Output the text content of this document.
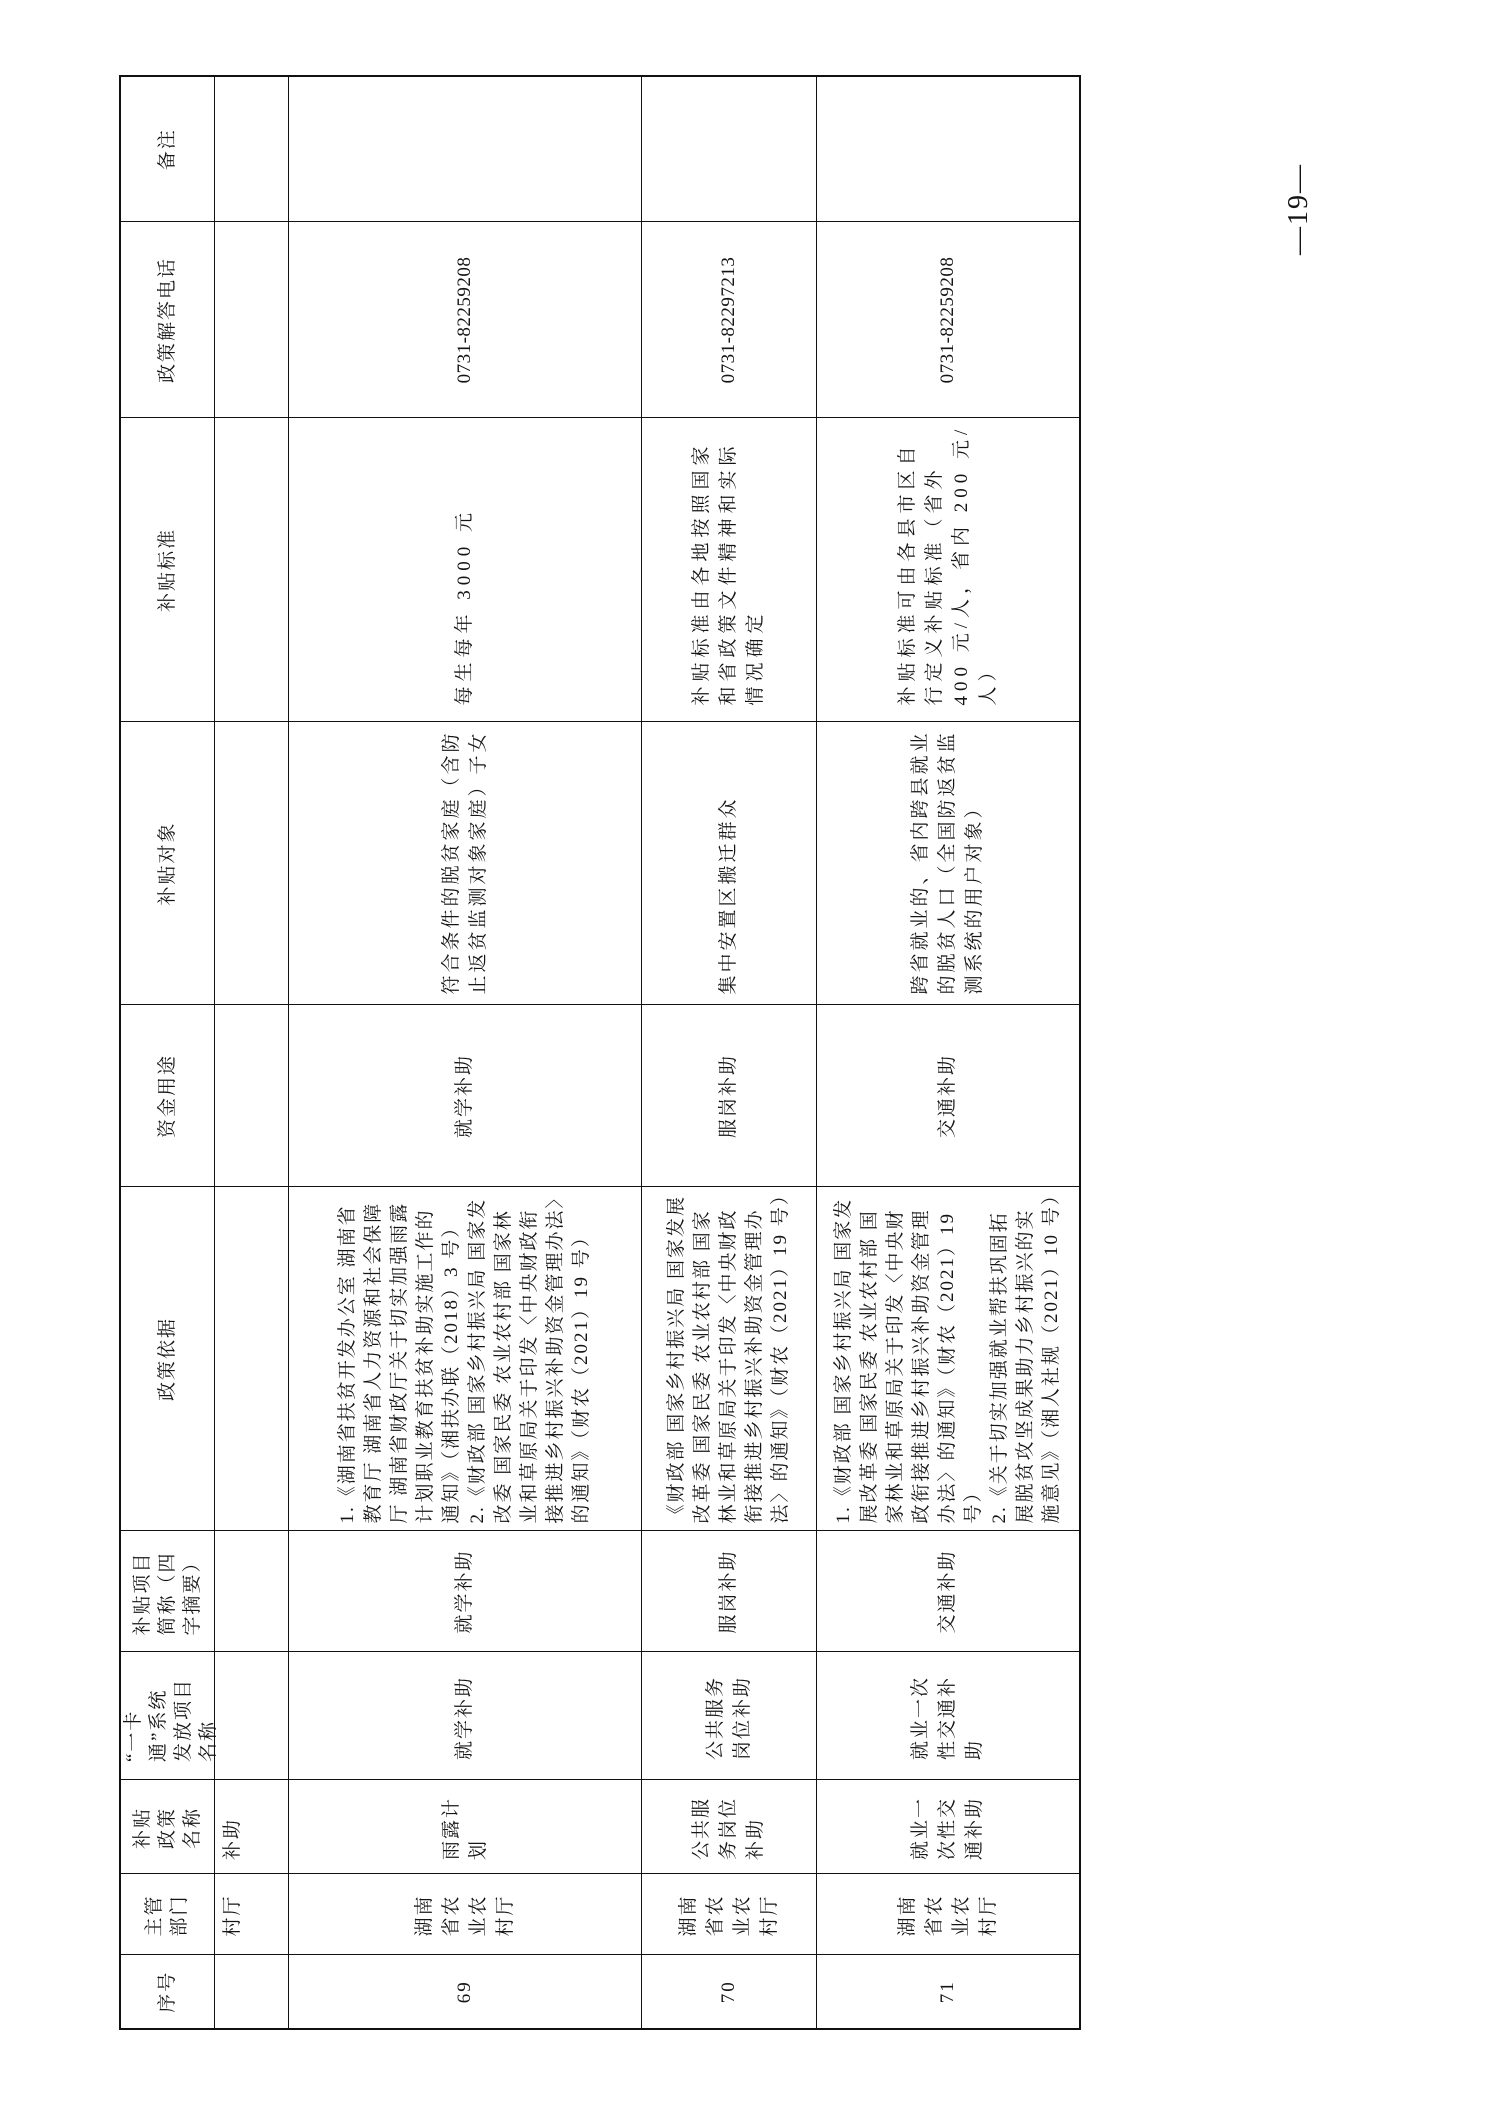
序号	主管部门	补贴政策名称	“一卡通”系统发放项目名称	补贴项目简称（四字摘要）	政策依据	资金用途	补贴对象	补贴标准	政策解答电话	备注

	村厅	补助								

69	湖南省农业农村厅	雨露计划	就学补助	就学补助	1.《湖南省扶贫开发办公室 湖南省教育厅 湖南省人力资源和社会保障厅 湖南省财政厅关于切实加强雨露计划职业教育扶贫补助实施工作的通知》（湘扶办联（2018）3 号） 2.《财政部 国家乡村振兴局 国家发改委 国家民委 农业农村部 国家林业和草原局关于印发〈中央财政衔接推进乡村振兴补助资金管理办法〉的通知》（财农（2021）19 号）	就学补助	符合条件的脱贫家庭（含防止返贫监测对象家庭）子女	每生每年 3000 元	0731-82259208	

70	湖南省农业农村厅	公共服务岗位补助	公共服务岗位补助	服岗补助	《财政部 国家乡村振兴局 国家发展改革委 国家民委 农业农村部 国家林业和草原局关于印发〈中央财政衔接推进乡村振兴补助资金管理办法〉的通知》（财农（2021）19 号）	服岗补助	集中安置区搬迁群众	补贴标准由各地按照国家和省政策文件精神和实际情况确定	0731-82297213	

71	湖南省农业农村厅	就业一次性交通补助	就业一次性交通补助	交通补助	1.《财政部 国家乡村振兴局 国家发展改革委 国家民委 农业农村部 国家林业和草原局关于印发〈中央财政衔接推进乡村振兴补助资金管理办法〉的通知》（财农（2021）19 号） 2.《关于切实加强就业帮扶巩固拓展脱贫攻坚成果助力乡村振兴的实施意见》（湘人社规（2021）10 号）	交通补助	跨省就业的、省内跨县就业的脱贫人口（全国防返贫监测系统的用户对象）	补贴标准可由各县市区自行定义补贴标准（省外 400 元/人，省内 200 元/人）	0731-82259208	

—19—
